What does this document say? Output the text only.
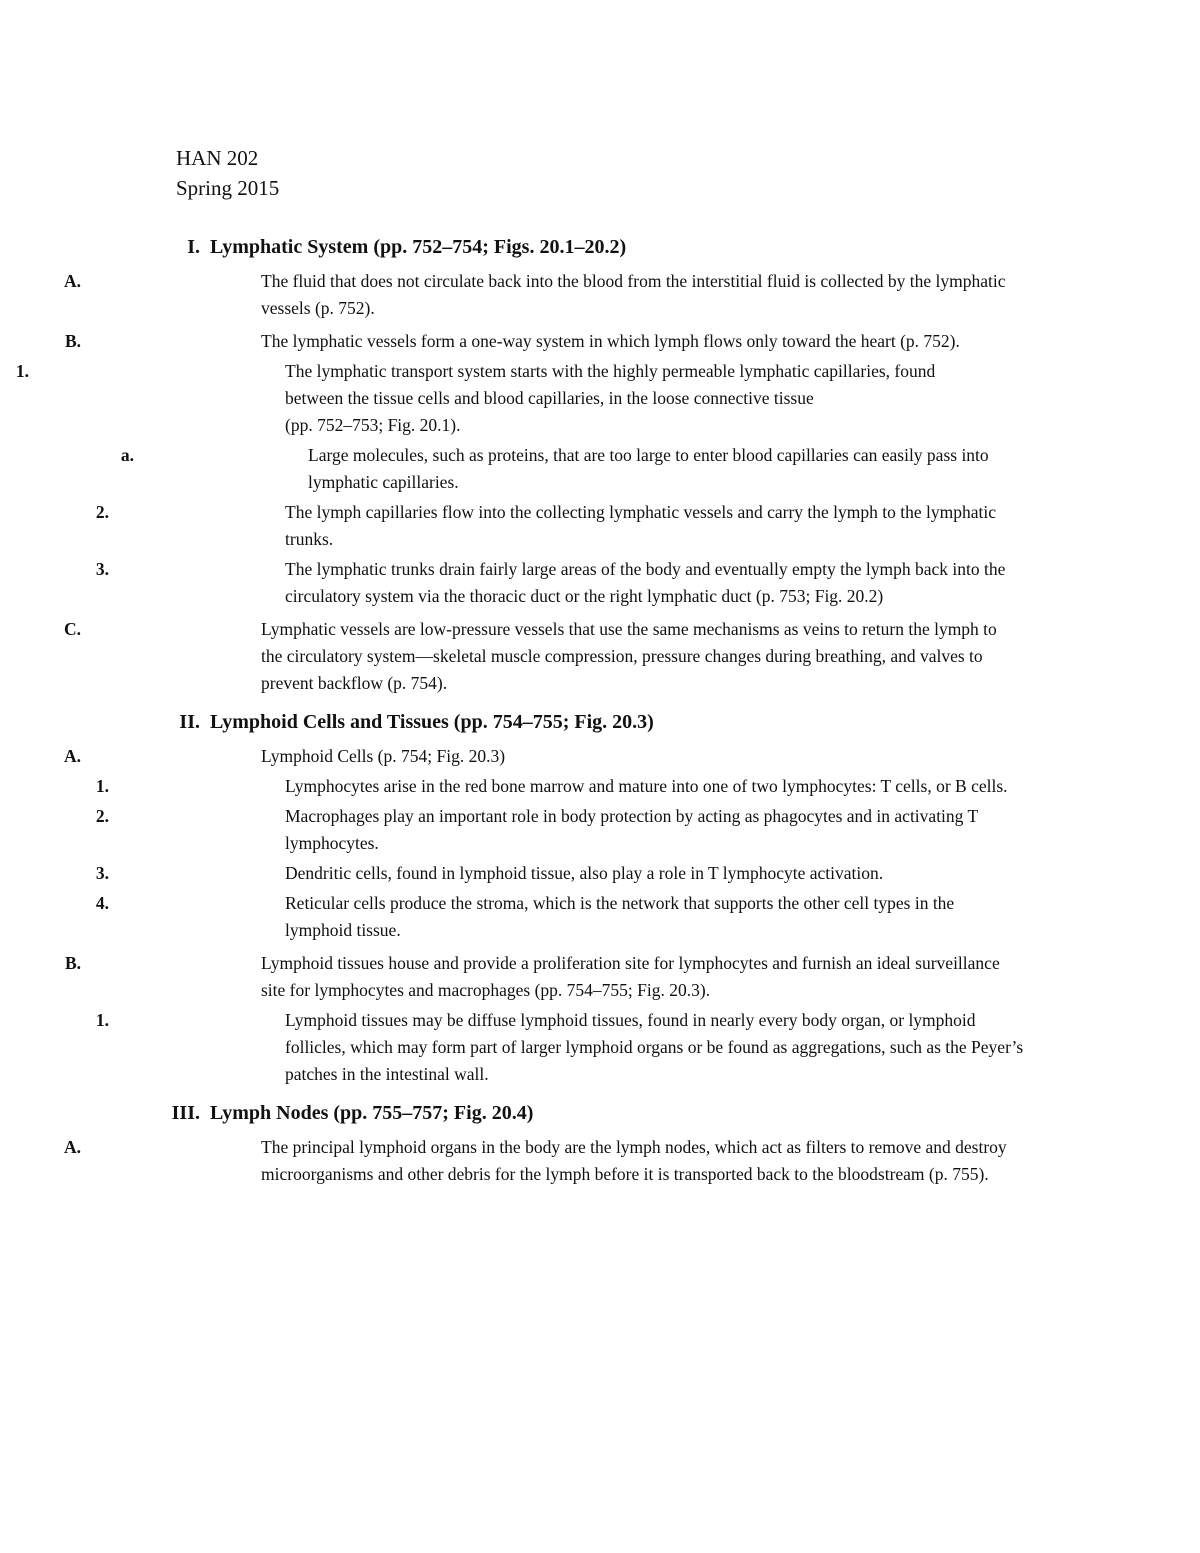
HAN 202
Spring 2015
I. Lymphatic System (pp. 752–754; Figs. 20.1–20.2)
A.	The fluid that does not circulate back into the blood from the interstitial fluid is collected by the lymphatic vessels (p. 752).
B.	The lymphatic vessels form a one-way system in which lymph flows only toward the heart (p. 752).
1.	The lymphatic transport system starts with the highly permeable lymphatic capillaries, found between the tissue cells and blood capillaries, in the loose connective tissue
(pp. 752–753; Fig. 20.1).
a.	Large molecules, such as proteins, that are too large to enter blood capillaries can easily pass into lymphatic capillaries.
2.	The lymph capillaries flow into the collecting lymphatic vessels and carry the lymph to the lymphatic trunks.
3.	The lymphatic trunks drain fairly large areas of the body and eventually empty the lymph back into the circulatory system via the thoracic duct or the right lymphatic duct (p. 753; Fig. 20.2)
C.	Lymphatic vessels are low-pressure vessels that use the same mechanisms as veins to return the lymph to the circulatory system—skeletal muscle compression, pressure changes during breathing, and valves to prevent backflow (p. 754).
II. Lymphoid Cells and Tissues (pp. 754–755; Fig. 20.3)
A.	Lymphoid Cells (p. 754; Fig. 20.3)
1.	Lymphocytes arise in the red bone marrow and mature into one of two lymphocytes: T cells, or B cells.
2.	Macrophages play an important role in body protection by acting as phagocytes and in activating T lymphocytes.
3.	Dendritic cells, found in lymphoid tissue, also play a role in T lymphocyte activation.
4.	Reticular cells produce the stroma, which is the network that supports the other cell types in the lymphoid tissue.
B.	Lymphoid tissues house and provide a proliferation site for lymphocytes and furnish an ideal surveillance site for lymphocytes and macrophages (pp. 754–755; Fig. 20.3).
1.	Lymphoid tissues may be diffuse lymphoid tissues, found in nearly every body organ, or lymphoid follicles, which may form part of larger lymphoid organs or be found as aggregations, such as the Peyer’s patches in the intestinal wall.
III. Lymph Nodes (pp. 755–757; Fig. 20.4)
A.	The principal lymphoid organs in the body are the lymph nodes, which act as filters to remove and destroy microorganisms and other debris for the lymph before it is transported back to the bloodstream (p. 755).
